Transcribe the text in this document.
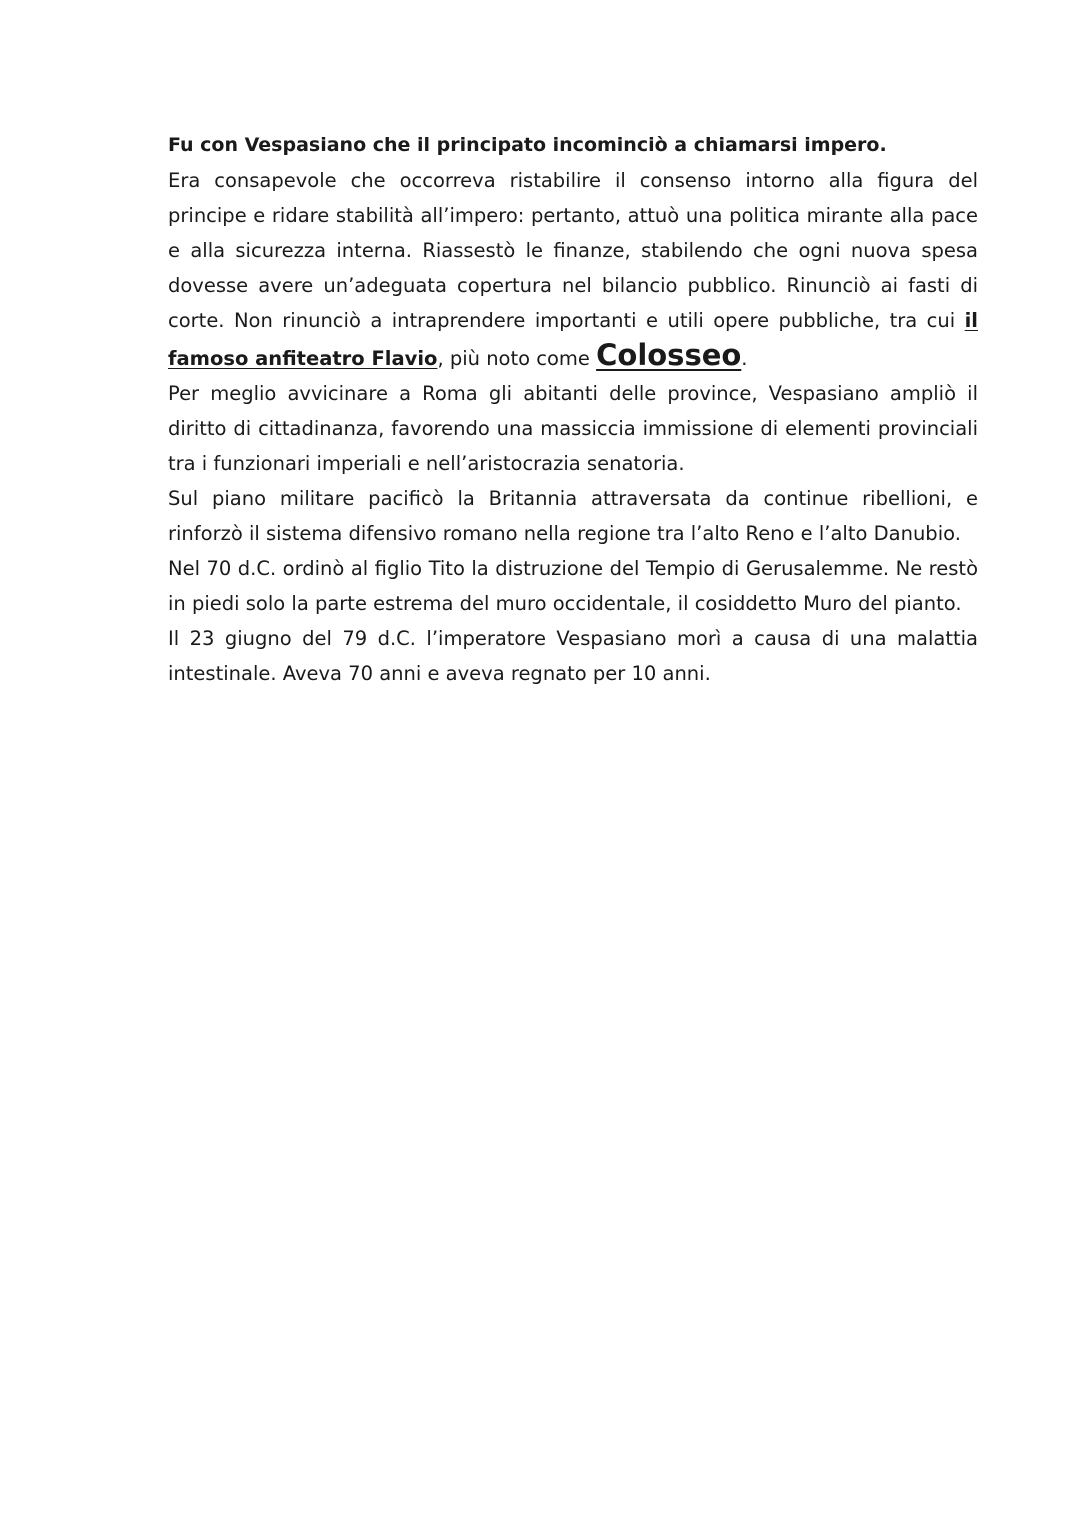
Fu con Vespasiano che il principato incominciò a chiamarsi impero.

Era consapevole che occorreva ristabilire il consenso intorno alla figura del principe e ridare stabilità all’impero: pertanto, attuò una politica mirante alla pace e alla sicurezza interna. Riassestò le finanze, stabilendo che ogni nuova spesa dovesse avere un’adeguata copertura nel bilancio pubblico. Rinunciò ai fasti di corte. Non rinunciò a intraprendere importanti e utili opere pubbliche, tra cui il famoso anfiteatro Flavio, più noto come Colosseo.

Per meglio avvicinare a Roma gli abitanti delle province, Vespasiano ampliò il diritto di cittadinanza, favorendo una massiccia immissione di elementi provinciali tra i funzionari imperiali e nell’aristocrazia senatoria.

Sul piano militare pacificò la Britannia attraversata da continue ribellioni, e rinforzò il sistema difensivo romano nella regione tra l’alto Reno e l’alto Danubio.

Nel 70 d.C. ordinò al figlio Tito la distruzione del Tempio di Gerusalemme. Ne restò in piedi solo la parte estrema del muro occidentale, il cosiddetto Muro del pianto.

Il 23 giugno del 79 d.C. l’imperatore Vespasiano morì a causa di una malattia intestinale. Aveva 70 anni e aveva regnato per 10 anni.
